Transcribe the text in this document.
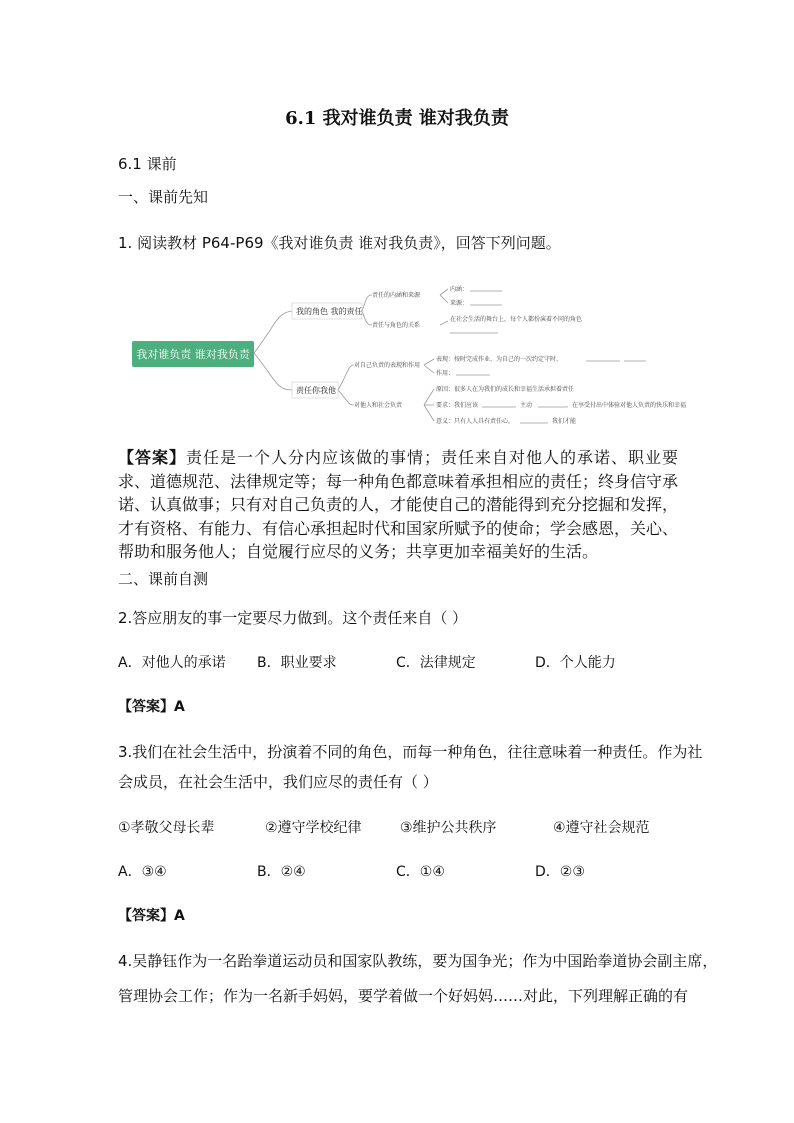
6.1 我对谁负责 谁对我负责
6.1 课前
一、课前先知
1. 阅读教材 P64-P69《我对谁负责 谁对我负责》，回答下列问题。
我对谁负责 谁对我负责
我的角色 我的责任
责任你我他
责任的内涵和来源
责任与角色的关系
内涵：
来源：
在社会生活的舞台上，每个人都扮演着不同的角色
对自己负责的表现和作用
对他人和社会负责
表现：按时完成作业、为自己的一次约定守时、
作用：
原因：很多人在为我们的成长和幸福生活承担着责任
要求：我们应该	，主动	，在享受付出中体验对他人负责的快乐和幸福
意义：只有人人具有责任心，	，我们才能
【答案】责任是一个人分内应该做的事情；责任来自对他人的承诺、职业要求、道德规范、法律规定等；每一种角色都意味着承担相应的责任；终身信守承诺、认真做事；只有对自己负责的人，才能使自己的潜能得到充分挖掘和发挥，才有资格、有能力、有信心承担起时代和国家所赋予的使命；学会感恩，关心、帮助和服务他人；自觉履行应尽的义务；共享更加幸福美好的生活。
二、课前自测
2.答应朋友的事一定要尽力做到。这个责任来自（ ）
A．对他人的承诺 B．职业要求	C．法律规定	D．个人能力
【答案】A
3.我们在社会生活中，扮演着不同的角色，而每一种角色，往往意味着一种责任。作为社
会成员，在社会生活中，我们应尽的责任有（ ）
①孝敬父母长辈	②遵守学校纪律	③维护公共秩序	④遵守社会规范
A．③④	B．②④	C．①④	D．②③
【答案】A
4.吴静钰作为一名跆拳道运动员和国家队教练，要为国争光；作为中国跆拳道协会副主席，
管理协会工作；作为一名新手妈妈，要学着做一个好妈妈……对此，下列理解正确的有
